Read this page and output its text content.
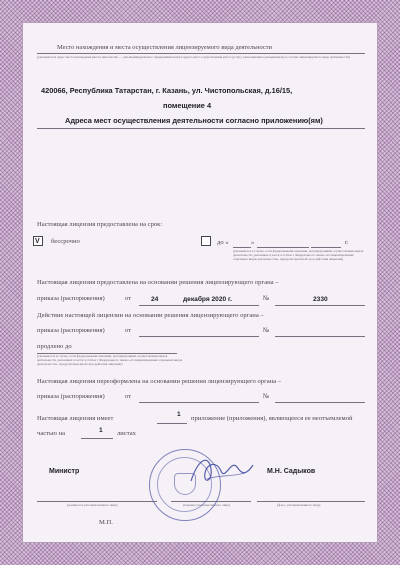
Место нахождения и места осуществления лицензируемого вида деятельности
(указываются адрес места нахождения (места жительства — для индивидуального предпринимателя) и адреса мест осуществления работ (услуг), выполняемых (оказываемых) в составе лицензируемого вида деятельности)
420066, Республика Татарстан, г. Казань, ул. Чистопольская, д.16/15,
помещение 4
Адреса мест осуществления деятельности согласно приложению(ям)
Настоящая лицензия предоставлена на срок:
V бессрочно	до «	»	г.
(указывается в случае, если федеральными законами, регулирующими осуществление видов деятельности, указанных в части 4 статьи 1 Федерального закона «О лицензировании отдельных видов деятельности», предусмотрен иной срок действия лицензии)
Настоящая лицензия предоставлена на основании решения лицензирующего органа –
приказа (распоряжения)	от	24	декабря 2020 г.	№	2330
Действие настоящей лицензии на основании решения лицензирующего органа –
приказа (распоряжения)	от	№
продлено до
(указывается в случае, если федеральными законами, регулирующими осуществление видов деятельности, указанных в части 4 статьи 1 Федерального закона «О лицензировании отдельных видов деятельности», предусмотрен иной срок действия лицензии)
Настоящая лицензия переоформлена на основании решения лицензирующего органа –
приказа (распоряжения)	от	№
Настоящая лицензия имеет
1
приложение (приложения), являющееся ее неотъемлемой
частью на	1 листах
Министр
(должность уполномоченного лица)	(подпись уполномоченного лица)
М.Н. Садыков
(ф.и.о. уполномоченного лица)
М.П.
